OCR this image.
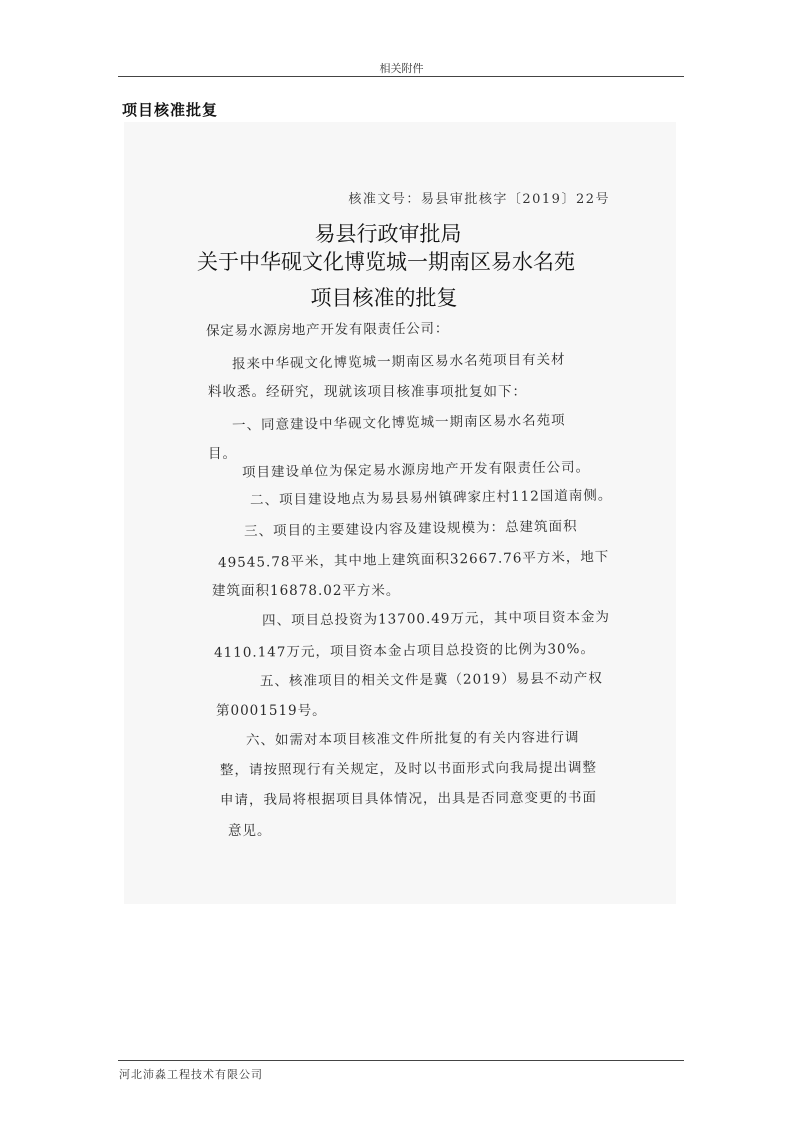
相关附件
项目核准批复
核准文号：易县审批核字〔2019〕22号
易县行政审批局
关于中华砚文化博览城一期南区易水名苑
项目核准的批复
保定易水源房地产开发有限责任公司：
报来中华砚文化博览城一期南区易水名苑项目有关材
料收悉。经研究，现就该项目核准事项批复如下：
一、同意建设中华砚文化博览城一期南区易水名苑项
目。
项目建设单位为保定易水源房地产开发有限责任公司。
二、项目建设地点为易县易州镇碑家庄村112国道南侧。
三、项目的主要建设内容及建设规模为：总建筑面积
49545.78平米，其中地上建筑面积32667.76平方米，地下
建筑面积16878.02平方米。
四、项目总投资为13700.49万元，其中项目资本金为
4110.147万元，项目资本金占项目总投资的比例为30%。
五、核准项目的相关文件是冀（2019）易县不动产权
第0001519号。
六、如需对本项目核准文件所批复的有关内容进行调
整，请按照现行有关规定，及时以书面形式向我局提出调整
申请，我局将根据项目具体情况，出具是否同意变更的书面
意见。
河北沛淼工程技术有限公司
